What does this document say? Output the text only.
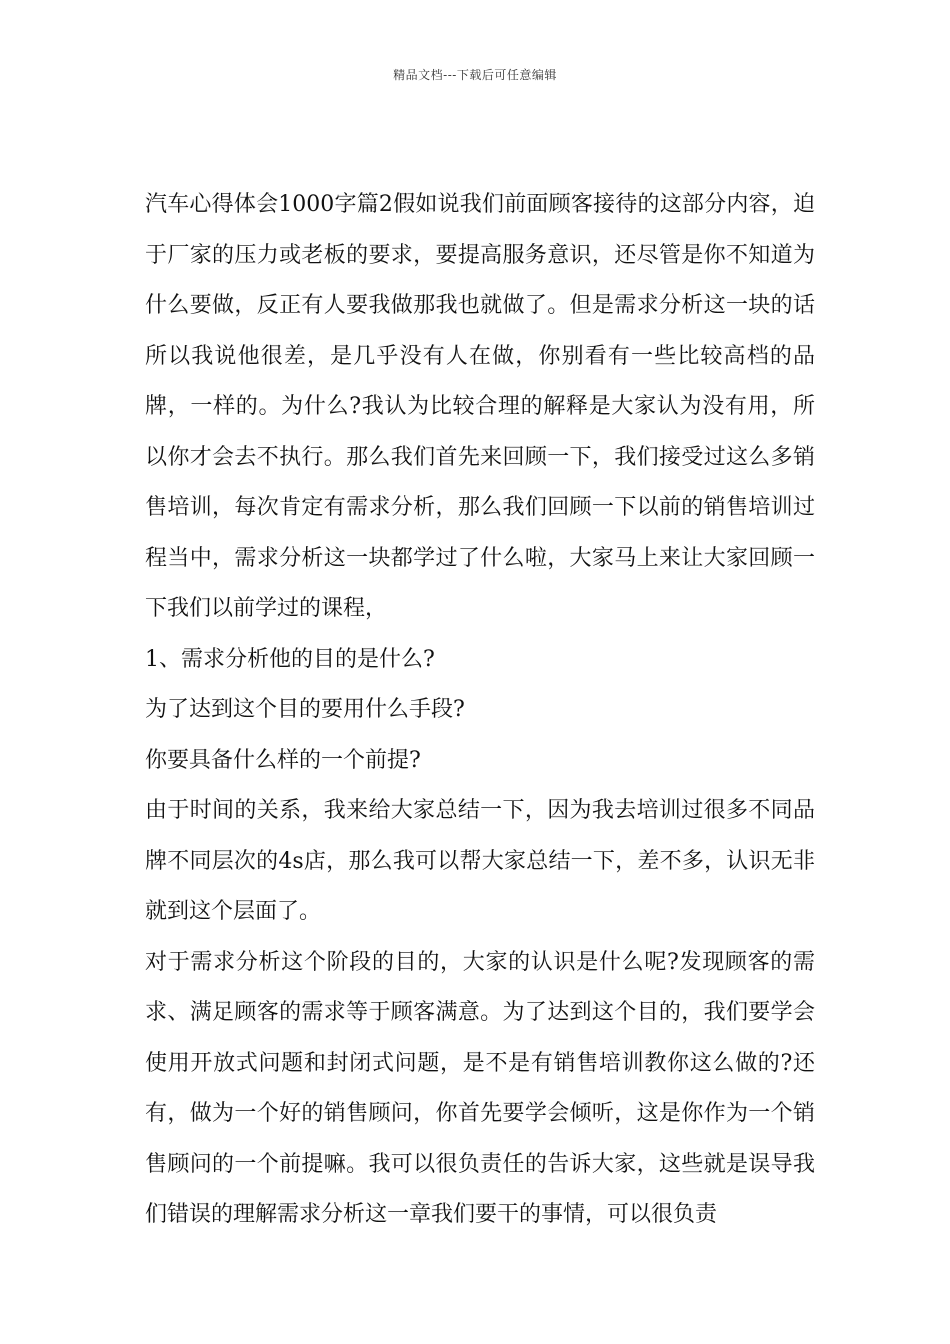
精品文档---下载后可任意编辑

汽车心得体会1000字篇2假如说我们前面顾客接待的这部分内容，迫于厂家的压力或老板的要求，要提高服务意识，还尽管是你不知道为什么要做，反正有人要我做那我也就做了。但是需求分析这一块的话所以我说他很差，是几乎没有人在做，你别看有一些比较高档的品牌，一样的。为什么?我认为比较合理的解释是大家认为没有用，所以你才会去不执行。那么我们首先来回顾一下，我们接受过这么多销售培训，每次肯定有需求分析，那么我们回顾一下以前的销售培训过程当中，需求分析这一块都学过了什么啦，大家马上来让大家回顾一下我们以前学过的课程，

1、需求分析他的目的是什么?

为了达到这个目的要用什么手段?

你要具备什么样的一个前提?

由于时间的关系，我来给大家总结一下，因为我去培训过很多不同品牌不同层次的4s店，那么我可以帮大家总结一下，差不多，认识无非就到这个层面了。

对于需求分析这个阶段的目的，大家的认识是什么呢?发现顾客的需求、满足顾客的需求等于顾客满意。为了达到这个目的，我们要学会使用开放式问题和封闭式问题，是不是有销售培训教你这么做的?还有，做为一个好的销售顾问，你首先要学会倾听，这是你作为一个销售顾问的一个前提嘛。我可以很负责任的告诉大家，这些就是误导我们错误的理解需求分析这一章我们要干的事情，可以很负责
